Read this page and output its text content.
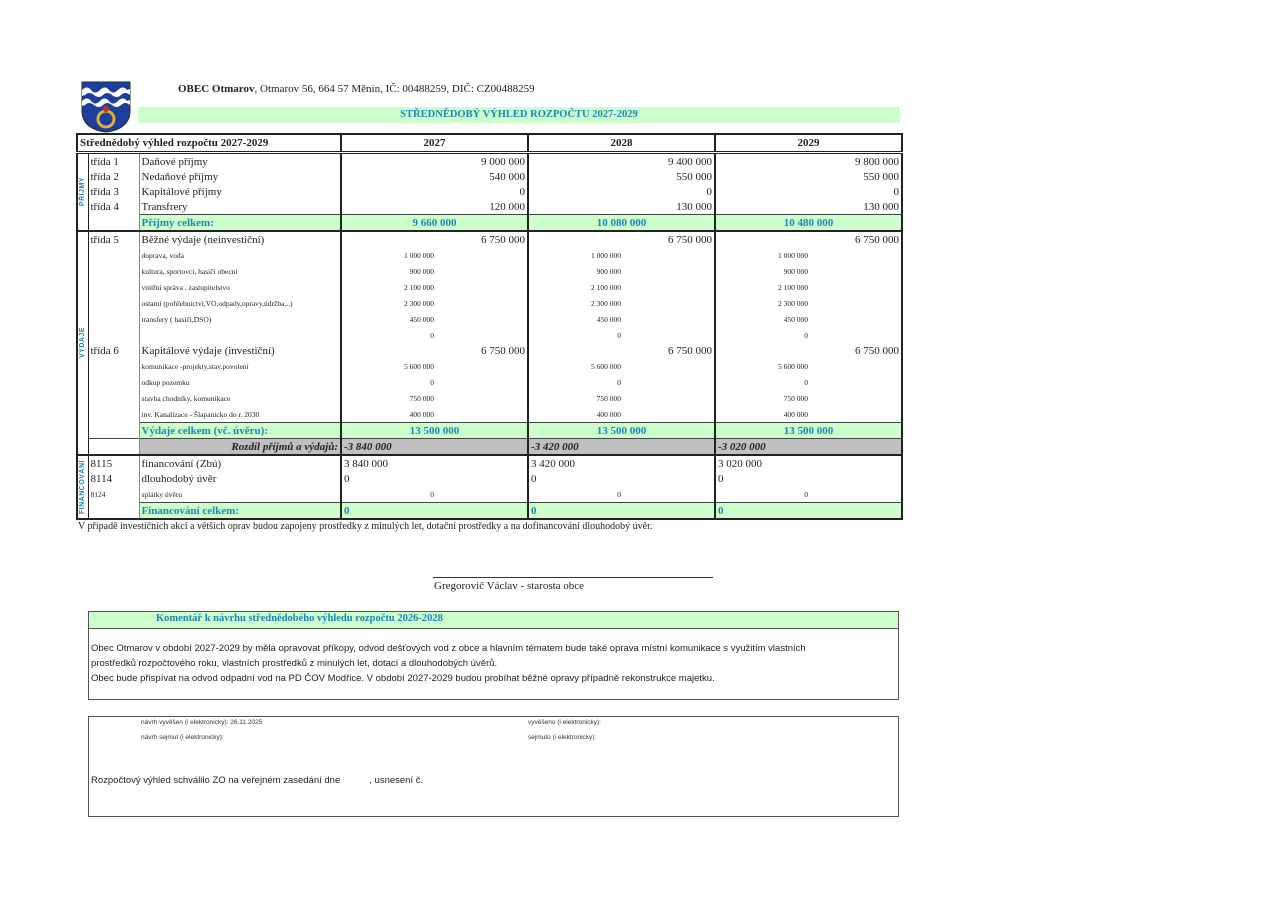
OBEC Otmarov, Otmarov 56, 664 57 Měnín, IČ: 00488259, DIČ: CZ00488259
STŘEDNĚDOBÝ VÝHLED ROZPOČTU 2027-2029
Střednědobý výhled rozpočtu 2027-2029			2027	2028	2029

PŘÍJMY	třída 1	Daňové příjmy	9 000 000	9 400 000	9 800 000
	třída 2	Nedaňové příjmy	540 000	550 000	550 000
	třída 3	Kapitálové příjmy	0	0	0
	třída 4	Transfrery	120 000	130 000	130 000
		Příjmy celkem:	9 660 000	10 080 000	10 480 000

VÝDAJE	třída 5	Běžné výdaje (neinvestiční)	6 750 000	6 750 000	6 750 000
		doprava, voda	1 000 000	1 000 000	1 000 000
		kultura, sportovci, hasiči obecní	900 000	900 000	900 000
		vnitřní správa , zastupitelstvo	2 100 000	2 100 000	2 100 000
		ostatní (pohřebnictví,VO,odpady,opravy,údržba,..)	2 300 000	2 300 000	2 300 000
		transfery ( hasiči,DSO)	450 000	450 000	450 000
			0	0	0
	třída 6	Kapitálové výdaje (investiční)	6 750 000	6 750 000	6 750 000
		komunikace -projekty,stav.povolení	5 600 000	5 600 000	5 600 000
		odkup pozemku	0	0	0
		stavba chodníky, komunikace	750 000	750 000	750 000
		inv. Kanalizace - Šlapanicko do r. 2030	400 000	400 000	400 000
		Výdaje celkem (vč. úvěru):	13 500 000	13 500 000	13 500 000
		Rozdíl příjmů a výdajů:	-3 840 000	-3 420 000	-3 020 000

FINANCOVÁNÍ	8115	financování (Zbú)	3 840 000	3 420 000	3 020 000
	8114	dlouhodobý úvěr	0	0	0
	8124	splátky úvěru	0	0	0
		Financování celkem:	0	0	0
V případě investičních akcí a větších oprav budou zapojeny prostředky z minulých let, dotační prostředky a na dofinancování dlouhodobý úvěr.
Gregorovič Václav - starosta obce
Komentář k návrhu střednědobého výhledu rozpočtu 2026-2028
Obec Otmarov v období 2027-2029 by měla opravovat příkopy, odvod dešťových vod z obce a hlavním tématem bude také oprava místní komunikace s využitím vlastních
prostředků rozpočtového roku, vlastních prostředků z minulých let, dotací a dlouhodobých úvěrů.
Obec bude přispívat na odvod odpadní vod na PD ČOV Modřice. V období 2027-2029 budou probíhat běžné opravy případně rekonstrukce majetku.
návrh vyvěšen (i elektronicky): 26.11.2025
návrh sejmut (i elektronicky):
vyvěšeno (i elektronicky):
sejmuto (i elektronicky):
Rozpočtový výhled schválilo ZO na veřejném zasedání dne           , usnesení č.
